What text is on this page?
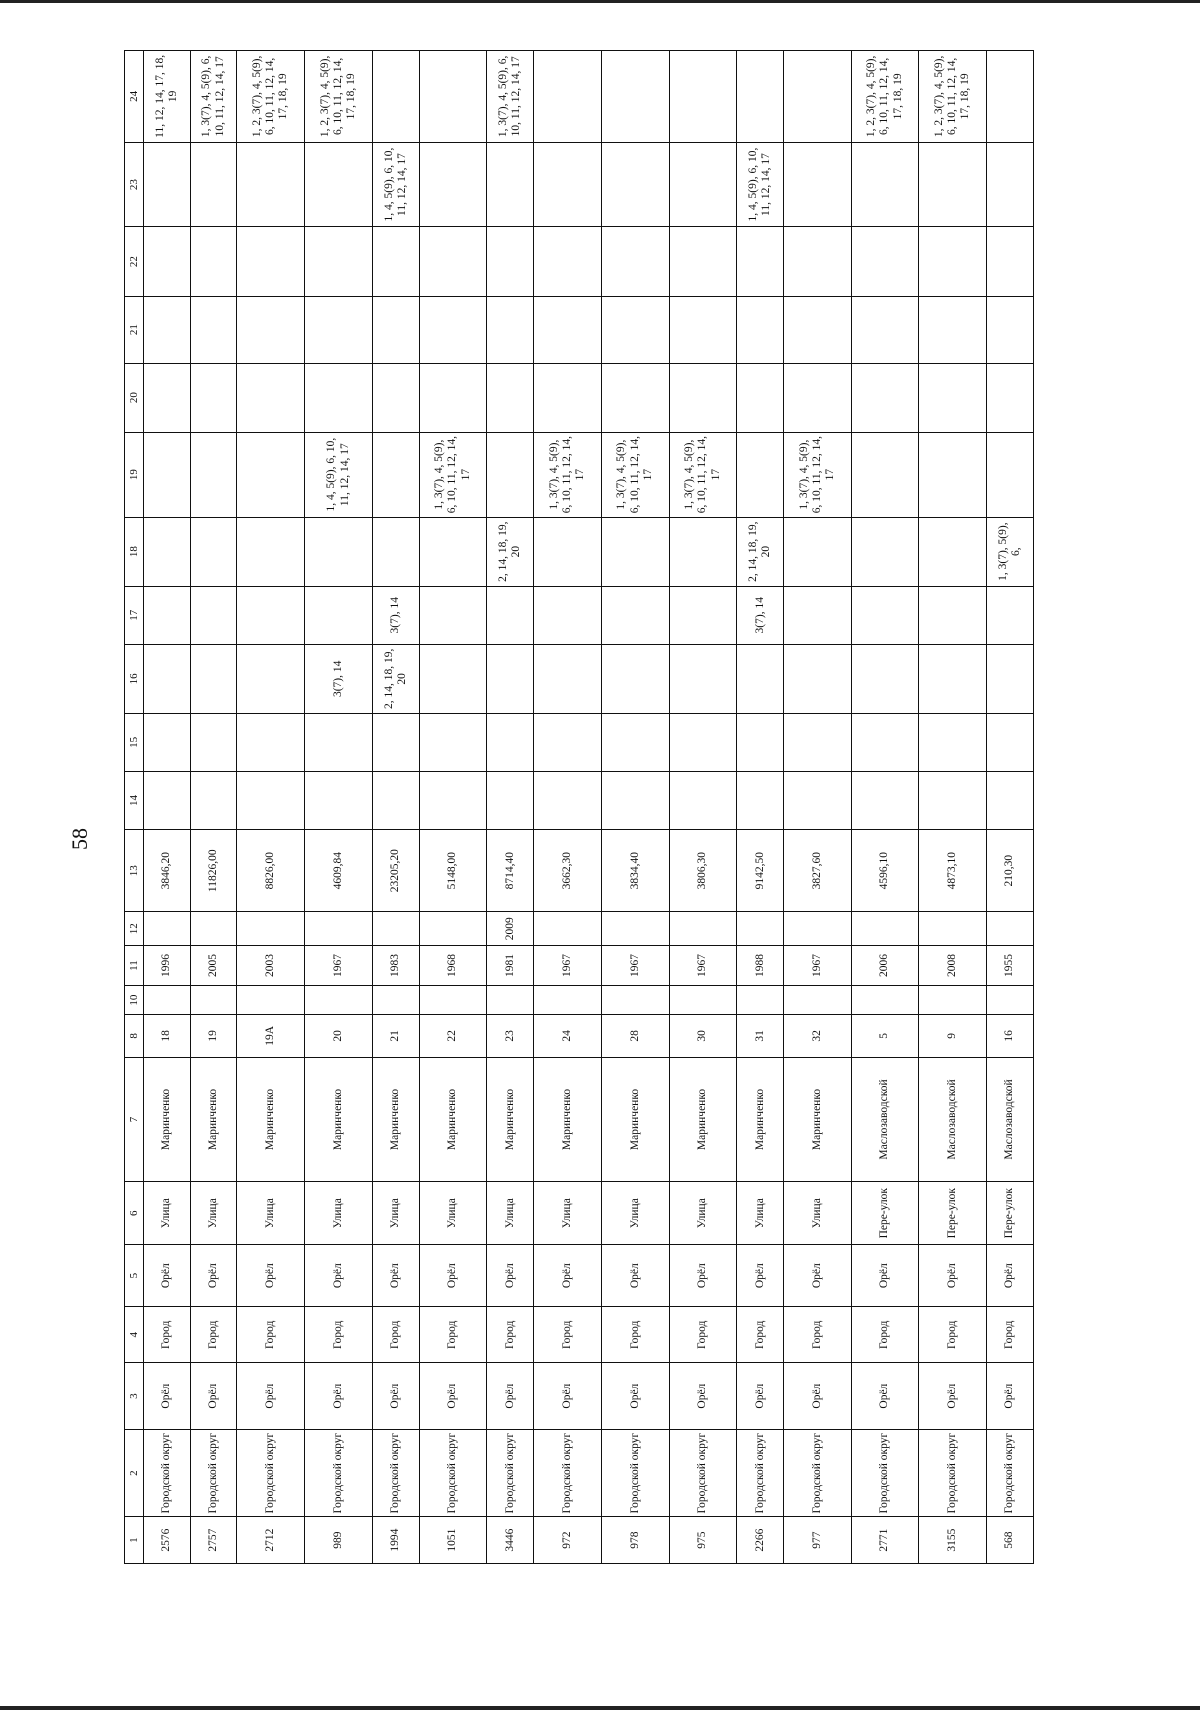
58
1	2	3	4	5	6	7	8	10	11	12	13	14	15	16	17	18	19	20	21	22	23	24
2576	Городской округ	Орёл	Город	Орёл	Улица	Маринченко	18		1996		3846,20											11, 12, 14, 17, 18, 19
2757	Городской округ	Орёл	Город	Орёл	Улица	Маринченко	19		2005		11826,00											1, 3(7), 4, 5(9), 6, 10, 11, 12, 14, 17
2712	Городской округ	Орёл	Город	Орёл	Улица	Маринченко	19А		2003		8826,00											1, 2, 3(7), 4, 5(9), 6, 10, 11, 12, 14, 17, 18, 19
989	Городской округ	Орёл	Город	Орёл	Улица	Маринченко	20		1967		4609,84			3(7), 14			1, 4, 5(9), 6, 10, 11, 12, 14, 17					1, 2, 3(7), 4, 5(9), 6, 10, 11, 12, 14, 17, 18, 19
1994	Городской округ	Орёл	Город	Орёл	Улица	Маринченко	21		1983		23205,20			2, 14, 18, 19, 20	3(7), 14						1, 4, 5(9), 6, 10, 11, 12, 14, 17	
1051	Городской округ	Орёл	Город	Орёл	Улица	Маринченко	22		1968		5148,00						1, 3(7), 4, 5(9), 6, 10, 11, 12, 14, 17					
3446	Городской округ	Орёл	Город	Орёл	Улица	Маринченко	23		1981	2009	8714,40					2, 14, 18, 19, 20						1, 3(7), 4, 5(9), 6, 10, 11, 12, 14, 17
972	Городской округ	Орёл	Город	Орёл	Улица	Маринченко	24		1967		3662,30						1, 3(7), 4, 5(9), 6, 10, 11, 12, 14, 17					
978	Городской округ	Орёл	Город	Орёл	Улица	Маринченко	28		1967		3834,40						1, 3(7), 4, 5(9), 6, 10, 11, 12, 14, 17					
975	Городской округ	Орёл	Город	Орёл	Улица	Маринченко	30		1967		3806,30						1, 3(7), 4, 5(9), 6, 10, 11, 12, 14, 17					
2266	Городской округ	Орёл	Город	Орёл	Улица	Маринченко	31		1988		9142,50				3(7), 14	2, 14, 18, 19, 20					1, 4, 5(9), 6, 10, 11, 12, 14, 17	
977	Городской округ	Орёл	Город	Орёл	Улица	Маринченко	32		1967		3827,60						1, 3(7), 4, 5(9), 6, 10, 11, 12, 14, 17					
2771	Городской округ	Орёл	Город	Орёл	Пере-улок	Маслозаводской	5		2006		4596,10											1, 2, 3(7), 4, 5(9), 6, 10, 11, 12, 14, 17, 18, 19
3155	Городской округ	Орёл	Город	Орёл	Пере-улок	Маслозаводской	9		2008		4873,10											1, 2, 3(7), 4, 5(9), 6, 10, 11, 12, 14, 17, 18, 19
568	Городской округ	Орёл	Город	Орёл	Пере-улок	Маслозаводской	16		1955		210,30					1, 3(7), 5(9), 6,						
